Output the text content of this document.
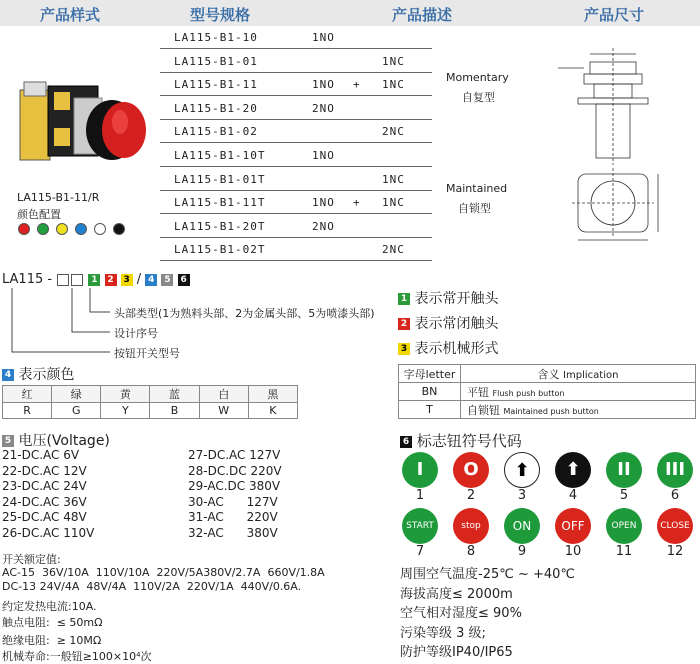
产品样式	型号规格	产品描述	产品尺寸
LA115-B1-11/R
颜色配置
LA115-B1-10	1NO
LA115-B1-01	1NC
LA115-B1-11	1NO + 1NC
LA115-B1-20	2NO
LA115-B1-02	2NC
LA115-B1-10T	1NO
LA115-B1-01T	1NC
LA115-B1-11T	1NO + 1NC
LA115-B1-20T	2NO
LA115-B1-02T	2NC
Momentary
自复型
Maintained
自锁型
LA115 -	1 2 3 / 4 5 6
头部类型(1为熟料头部、2为金属头部、5为喷漆头部)
设计序号
按钮开关型号
1 表示常开触头
2 表示常闭触头
3 表示机械形式
4 表示颜色
红	绿	黄	蓝	白	黑
R	G	Y	B	W	K
字母letter	含义 Implication
BN	平钮 Flush push button
T	自锁钮 Maintained push button
5 电压(Voltage)
21-DC.AC 6V
22-DC.AC 12V
23-DC.AC 24V
24-DC.AC 36V
25-DC.AC 48V
26-DC.AC 110V
27-DC.AC 127V
28-DC.DC 220V
29-AC.DC 380V
30-AC      127V
31-AC      220V
32-AC      380V
开关额定值:
AC-15  36V/10A  110V/10A  220V/5A380V/2.7A  660V/1.8A
DC-13 24V/4A  48V/4A  110V/2A  220V/1A  440V/0.6A.
约定发热电流:10A.
触点电阻:  ≤ 50mΩ
绝缘电阻:  ≥ 10MΩ
机械寿命:一般钮≥100×10⁴次
6 标志钮符号代码
I
1
O
2
⬆
3
⬆
4
II
5
III
6
START
7
stop
8
ON
9
OFF
10
OPEN
11
CLOSE
12
周围空气温度-25℃ ~ +40℃
海拔高度≤ 2000m
空气相对湿度≤ 90%
污染等级 3 级;
防护等级IP40/IP65
